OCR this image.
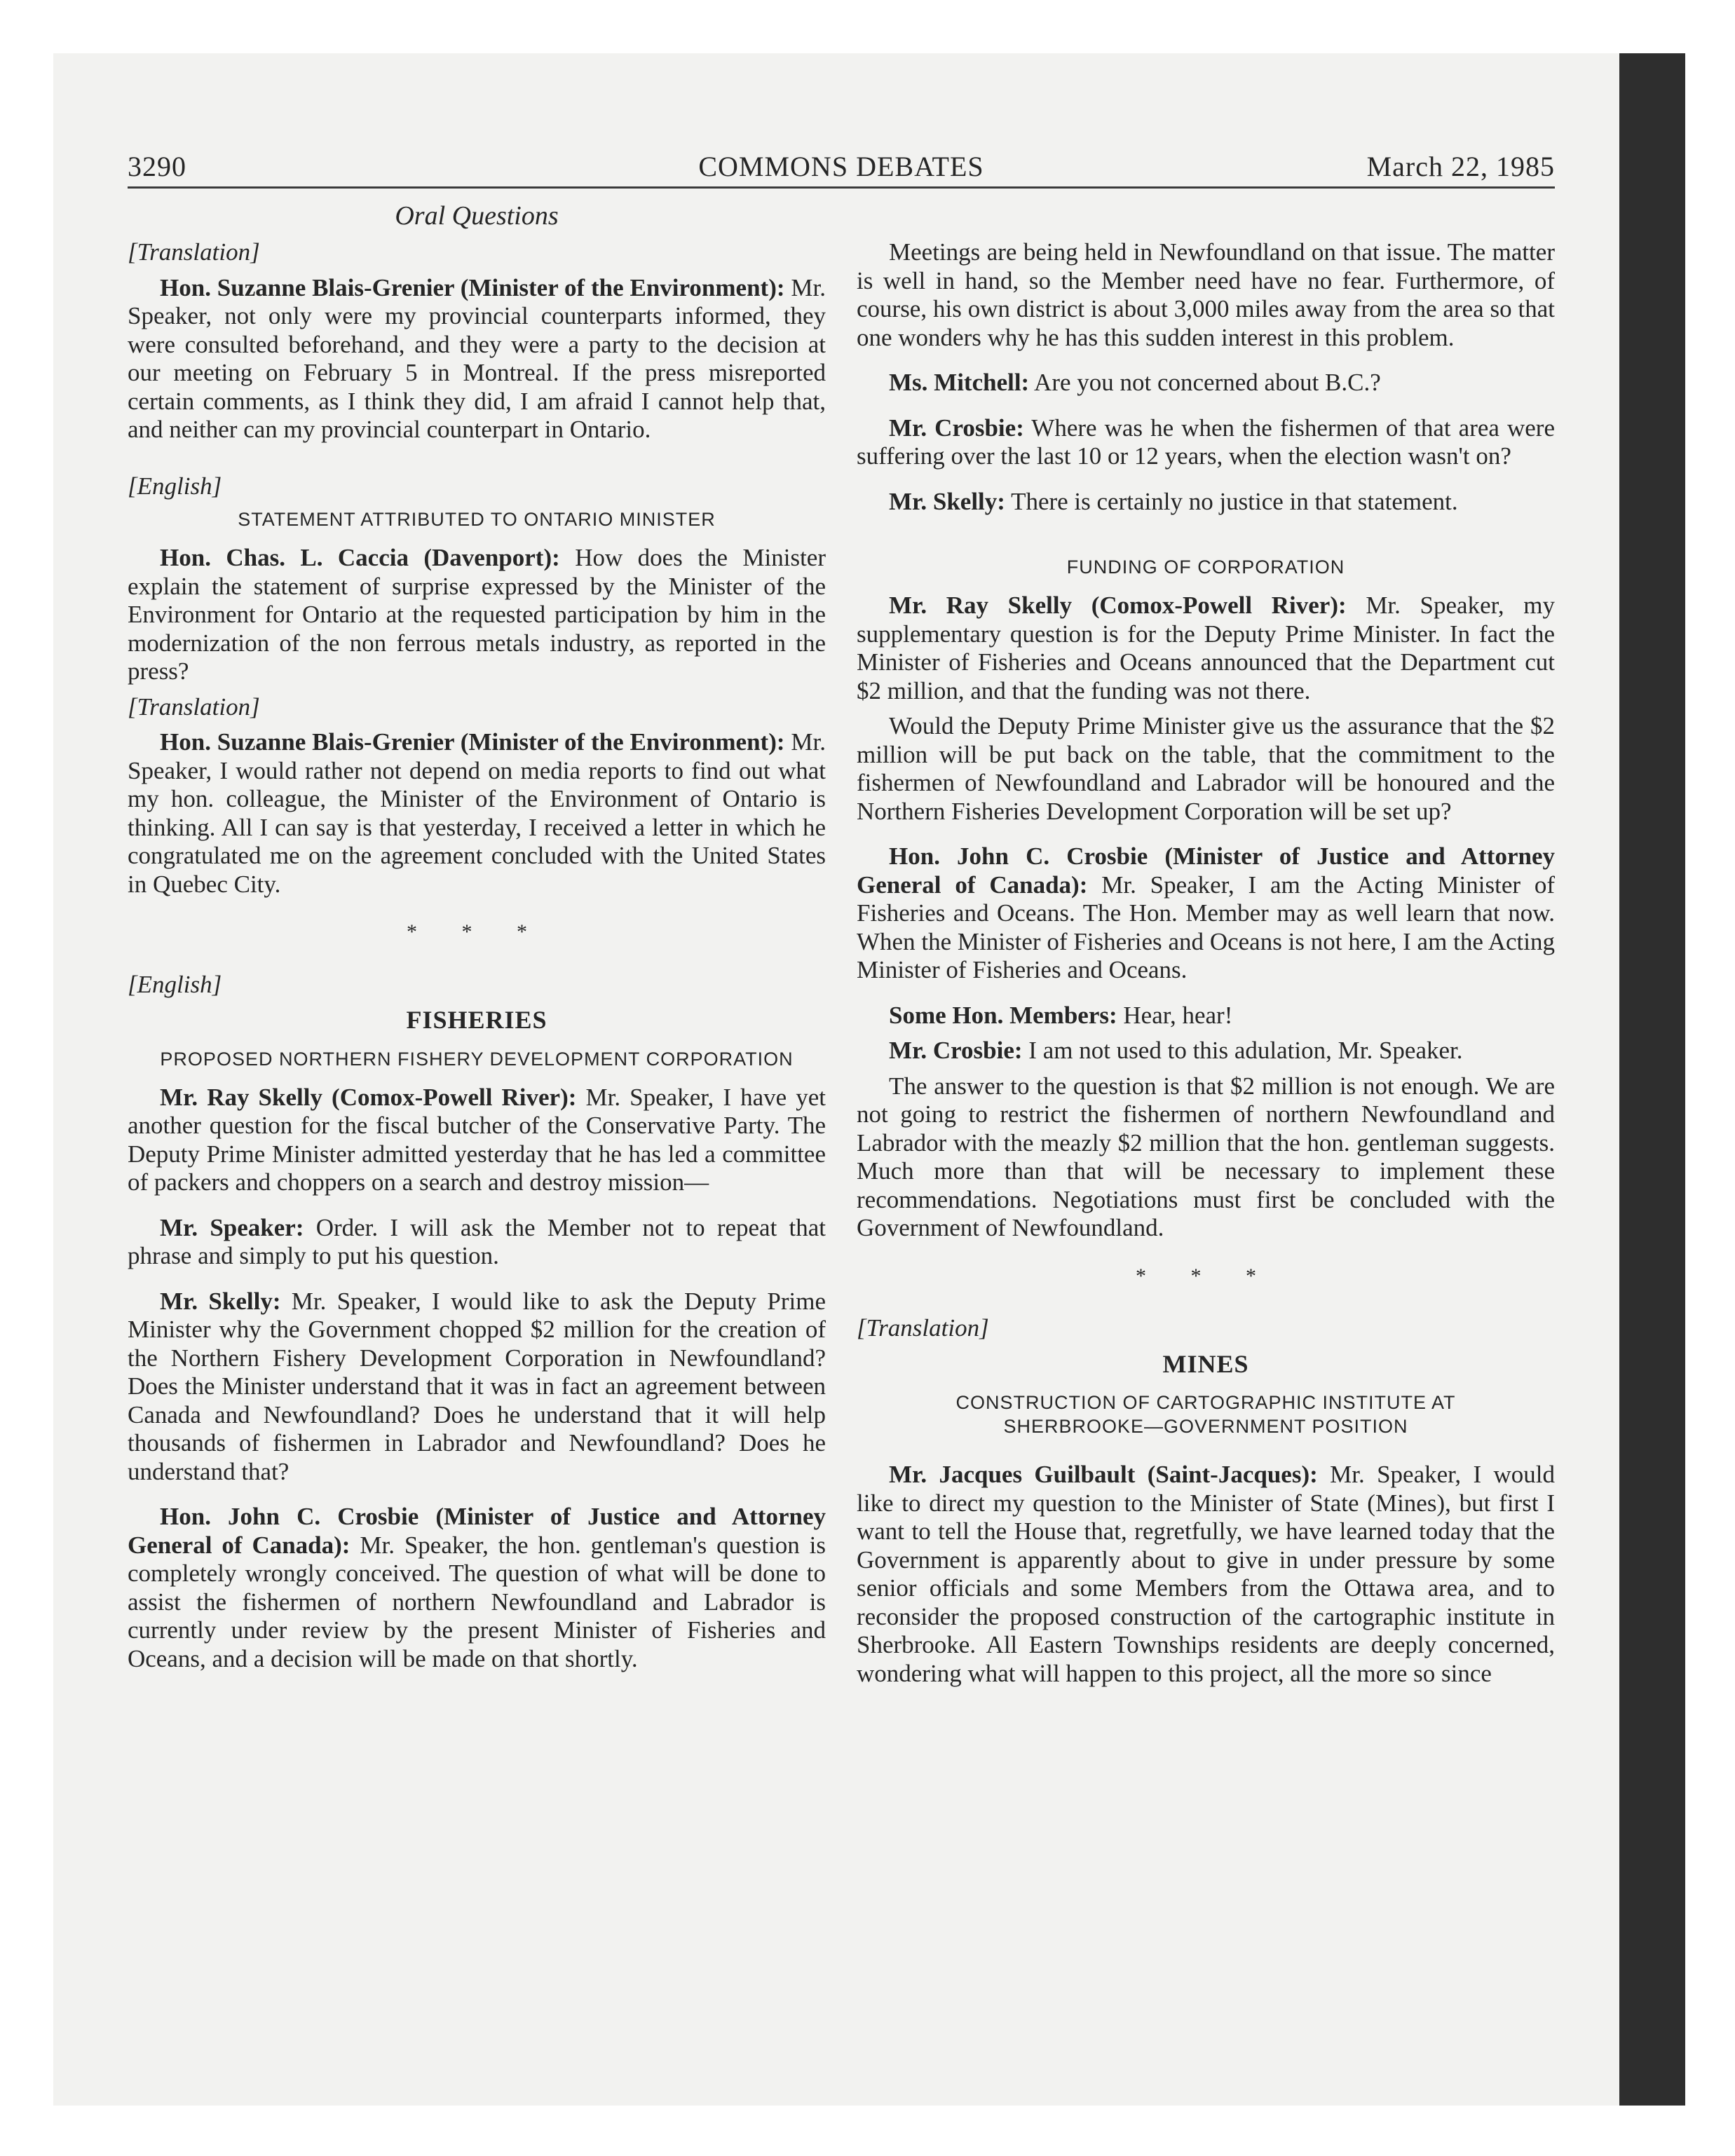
3290	COMMONS DEBATES	March 22, 1985
Oral Questions
[Translation]

Hon. Suzanne Blais-Grenier (Minister of the Environment): Mr. Speaker, not only were my provincial counterparts informed, they were consulted beforehand, and they were a party to the decision at our meeting on February 5 in Montreal. If the press misreported certain comments, as I think they did, I am afraid I cannot help that, and neither can my provincial counterpart in Ontario.

[English]
STATEMENT ATTRIBUTED TO ONTARIO MINISTER

Hon. Chas. L. Caccia (Davenport): How does the Minister explain the statement of surprise expressed by the Minister of the Environment for Ontario at the requested participation by him in the modernization of the non ferrous metals industry, as reported in the press?

[Translation]

Hon. Suzanne Blais-Grenier (Minister of the Environment): Mr. Speaker, I would rather not depend on media reports to find out what my hon. colleague, the Minister of the Environment of Ontario is thinking. All I can say is that yesterday, I received a letter in which he congratulated me on the agreement concluded with the United States in Quebec City.

* * *
[English]
FISHERIES
PROPOSED NORTHERN FISHERY DEVELOPMENT CORPORATION

Mr. Ray Skelly (Comox-Powell River): Mr. Speaker, I have yet another question for the fiscal butcher of the Conservative Party. The Deputy Prime Minister admitted yesterday that he has led a committee of packers and choppers on a search and destroy mission—

Mr. Speaker: Order. I will ask the Member not to repeat that phrase and simply to put his question.

Mr. Skelly: Mr. Speaker, I would like to ask the Deputy Prime Minister why the Government chopped $2 million for the creation of the Northern Fishery Development Corporation in Newfoundland? Does the Minister understand that it was in fact an agreement between Canada and Newfoundland? Does he understand that it will help thousands of fishermen in Labrador and Newfoundland? Does he understand that?

Hon. John C. Crosbie (Minister of Justice and Attorney General of Canada): Mr. Speaker, the hon. gentleman's question is completely wrongly conceived. The question of what will be done to assist the fishermen of northern Newfoundland and Labrador is currently under review by the present Minister of Fisheries and Oceans, and a decision will be made on that shortly.

Meetings are being held in Newfoundland on that issue. The matter is well in hand, so the Member need have no fear. Furthermore, of course, his own district is about 3,000 miles away from the area so that one wonders why he has this sudden interest in this problem.

Ms. Mitchell: Are you not concerned about B.C.?

Mr. Crosbie: Where was he when the fishermen of that area were suffering over the last 10 or 12 years, when the election wasn't on?

Mr. Skelly: There is certainly no justice in that statement.

FUNDING OF CORPORATION

Mr. Ray Skelly (Comox-Powell River): Mr. Speaker, my supplementary question is for the Deputy Prime Minister. In fact the Minister of Fisheries and Oceans announced that the Department cut $2 million, and that the funding was not there.

Would the Deputy Prime Minister give us the assurance that the $2 million will be put back on the table, that the commitment to the fishermen of Newfoundland and Labrador will be honoured and the Northern Fisheries Development Corporation will be set up?

Hon. John C. Crosbie (Minister of Justice and Attorney General of Canada): Mr. Speaker, I am the Acting Minister of Fisheries and Oceans. The Hon. Member may as well learn that now. When the Minister of Fisheries and Oceans is not here, I am the Acting Minister of Fisheries and Oceans.

Some Hon. Members: Hear, hear!

Mr. Crosbie: I am not used to this adulation, Mr. Speaker.

The answer to the question is that $2 million is not enough. We are not going to restrict the fishermen of northern Newfoundland and Labrador with the meazly $2 million that the hon. gentleman suggests. Much more than that will be necessary to implement these recommendations. Negotiations must first be concluded with the Government of Newfoundland.

* * *
[Translation]
MINES
CONSTRUCTION OF CARTOGRAPHIC INSTITUTE AT
SHERBROOKE—GOVERNMENT POSITION

Mr. Jacques Guilbault (Saint-Jacques): Mr. Speaker, I would like to direct my question to the Minister of State (Mines), but first I want to tell the House that, regretfully, we have learned today that the Government is apparently about to give in under pressure by some senior officials and some Members from the Ottawa area, and to reconsider the proposed construction of the cartographic institute in Sherbrooke. All Eastern Townships residents are deeply concerned, wondering what will happen to this project, all the more so since
